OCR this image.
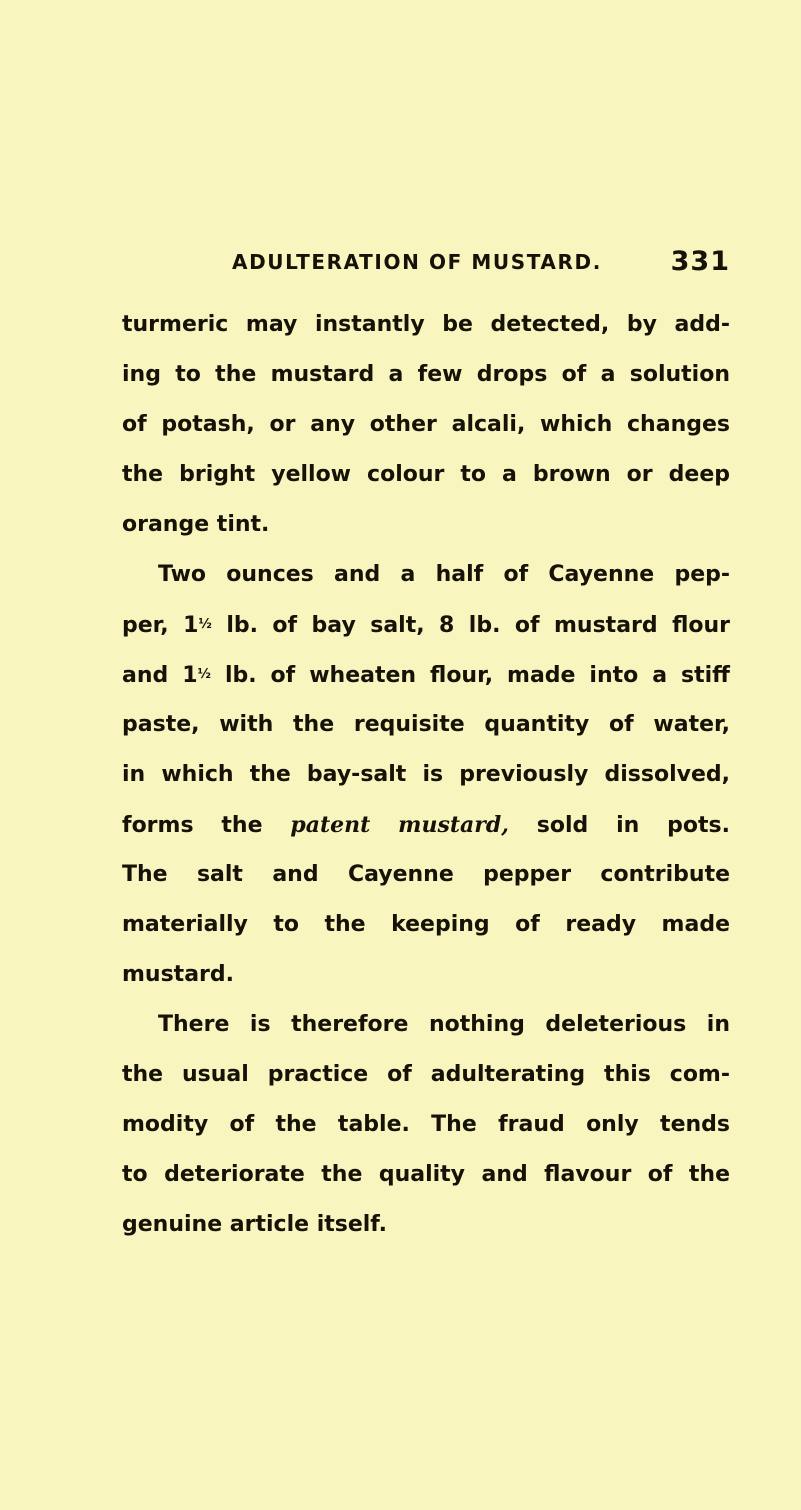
ADULTERATION OF MUSTARD.	331
turmeric may instantly be detected, by add-
ing to the mustard a few drops of a solution
of potash, or any other alcali, which changes
the bright yellow colour to a brown or deep
orange tint.
Two ounces and a half of Cayenne pep-
per, 1½ lb. of bay salt, 8 lb. of mustard flour
and 1½ lb. of wheaten flour, made into a stiff
paste, with the requisite quantity of water,
in which the bay-salt is previously dissolved,
forms the patent mustard, sold in pots.
The salt and Cayenne pepper contribute
materially to the keeping of ready made
mustard.
There is therefore nothing deleterious in
the usual practice of adulterating this com-
modity of the table. The fraud only tends
to deteriorate the quality and flavour of the
genuine article itself.
